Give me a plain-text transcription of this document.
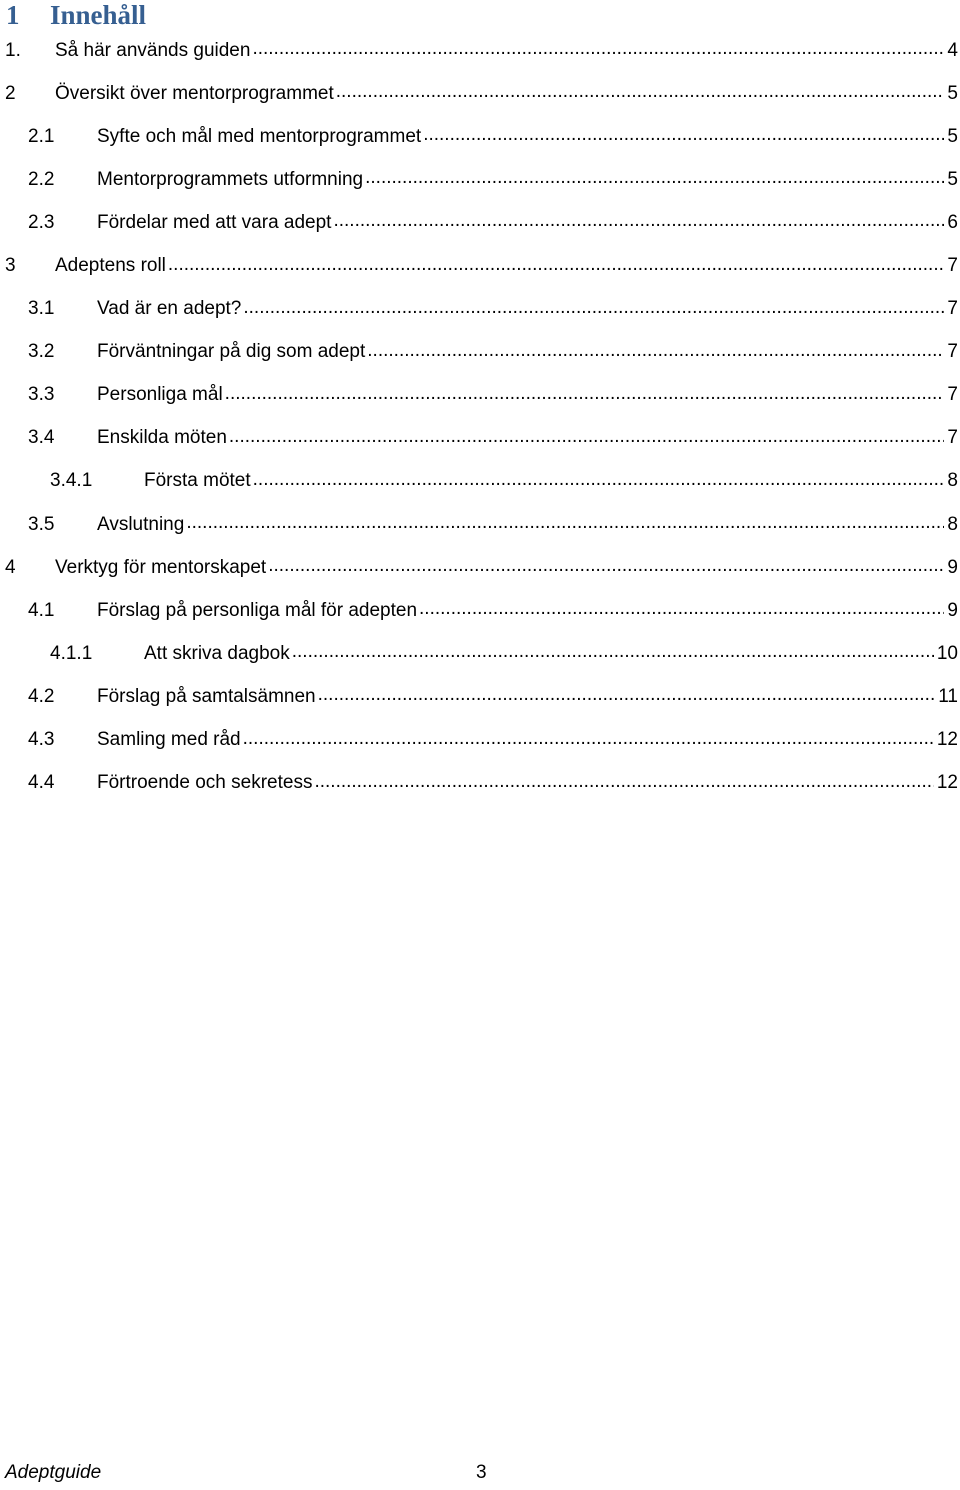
1 Innehåll
1.	Så här används guiden .....	4
2	Översikt över mentorprogrammet .....	5
2.1	Syfte och mål med mentorprogrammet .....	5
2.2	Mentorprogrammets utformning .....	5
2.3	Fördelar med att vara adept .....	6
3	Adeptens roll .....	7
3.1	Vad är en adept? .....	7
3.2	Förväntningar på dig som adept .....	7
3.3	Personliga mål .....	7
3.4	Enskilda möten .....	7
3.4.1	Första mötet .....	8
3.5	Avslutning .....	8
4	Verktyg för mentorskapet .....	9
4.1	Förslag på personliga mål för adepten .....	9
4.1.1	Att skriva dagbok .....	10
4.2	Förslag på samtalsämnen .....	11
4.3	Samling med råd .....	12
4.4	Förtroende och sekretess .....	12
Adeptguide	3
